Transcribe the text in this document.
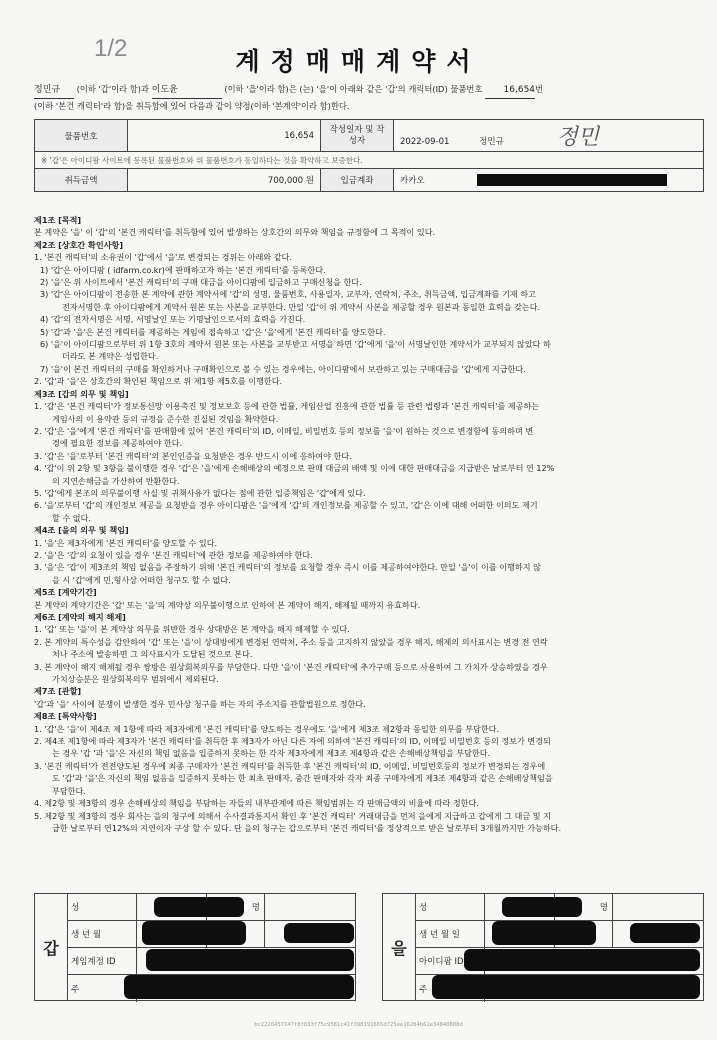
1/2	계정매매계약서
정민규 (이하 '갑'이라 함)과 이도윤	(이하 '을'이라 함)은 (는) '을'이 아래와 같은 '갑'의 캐릭터(ID) 물품번호 16,654번
(이하 '본건 캐릭터'라 함)을 취득함에 있어 다음과 같이 약정(이하 '본계약'이라 함)한다.
물품번호	16,654	작성일자 및 작성자	2022-09-01 정민규 정민
※ '갑'은 아이디팜 사이트에 등록된 물품번호와 위 물품번호가 동일하다는 것을 확약하고 보증한다.			
취득금액	700,000 원	입금계좌	카카오
제1조 [목적]
본 계약은 '을' 이 '갑'의 '본건 캐릭터'를 취득함에 있어 발생하는 상호간의 의무와 책임을 규정함에 그 목적이 있다.
제2조 [상호간 확인사항]
1. '본건 캐릭터'의 소유권이 '갑'에서 '을'로 변경되는 경위는 아래와 같다.
1) '갑'은 아이디팜 ( idfarm.co.kr)에 판매하고자 하는 '본건 캐릭터'를 등록한다.
2) '을'은 위 사이트에서 '본건 캐릭터'의 구매 대금을 아이디팜에 입금하고 구매신청을 한다.
3) '갑'은 아이디팜이 전송한 본 계약에 관한 계약서에 '갑'의 성명, 물품번호, 사용일자, 교부자, 연락처, 주소, 취득금액, 입금계좌를 기재 하고
전자서명한 후 아이디팜에게 계약서 원본 또는 사본을 교부한다. 만일 '갑'이 위 계약서 사본을 제공할 경우 원본과 동일한 효력을 갖는다.
4) '갑'의 전자서명은 서명, 서명날인 또는 기명날인으로서의 효력을 가진다.
5) '갑'과 '을'은 본건 캐릭터를 제공하는 게임에 접속하고 '갑'은 '을'에게 '본건 캐릭터'를 양도한다.
6) '을'이 아이디팜으로부터 위 1항 3호의 계약서 원본 또는 사본을 교부받고 서명을 하면 '갑'에게 '을'이 서명날인한 계약서가 교부되지 않았다 하
더라도 본 계약은 성립한다.
7) '을'이 본건 캐릭터의 구매를 확인하거나 구매확인으로 볼 수 있는 경우에는, 아이디팜에서 보관하고 있는 구매대금을 '갑'에게 지급한다.
2. '갑'과 '을'은 상호간의 확인된 책임으로 위 제1항 제5호를 이행한다.
제3조 [갑의 의무 및 책임]
1. '갑'은 '본건 캐릭터'가 정보통신망 이용촉진 및 정보보호 등에 관한 법률, 게임산업 진흥에 관한 법률 등 관련 법령과 '본건 캐릭터'를 제공하는
게임사의 이 용약관 등의 규정을 준수한 진실된 것임을 확약한다.
2. '갑'은 '을'에게 '본건 캐릭터'를 판매함에 있어 '본건 캐릭터'의 ID, 이메일, 비밀번호 등의 정보를 '을'이 원하는 것으로 변경함에 동의하며 변
경에 필요한 정보를 제공하여야 한다.
3. '갑'은 '을'로부터 '본건 캐릭터'의 본인인증을 요청받은 경우 반드시 이에 응하여야 한다.
4. '갑'이 위 2항 및 3항을 불이행한 경우 '갑'은 '을'에게 손해배상의 예정으로 판매 대금의 배액 및 이에 대한 판매대금을 지급받은 날로부터 연 12%
의 지연손해금을 가산하여 반환한다.
5. '갑'에게 본조의 의무불이행 사실 및 귀책사유가 없다는 점에 관한 입증책임은 '갑'에게 있다.
6. '을'로부터 '갑'의 개인정보 제공을 요청받을 경우 아이디팜은 '을'에게 '갑'의 개인정보를 제공할 수 있고, '갑'은 이에 대해 어떠한 이의도 제기
할 수 없다.
제4조 [을의 의무 및 책임]
1. '을'은 제3자에게 '본건 캐릭터'를 양도할 수 있다.
2. '을'은 '갑'의 요청이 있을 경우 '본건 캐릭터'에 관한 정보를 제공하여야 한다.
3. '을'은 '갑'이 제3조의 책임 없음을 주장하기 위해 '본건 캐릭터'의 정보를 요청할 경우 즉시 이를 제공하여야한다. 만일 '을'이 이를 이행하지 않
을 시 '갑'에게 민,형사상 어떠한 청구도 할 수 없다.
제5조 [계약기간]
본 계약의 계약기간은 '갑' 또는 '을'의 계약상 의무불이행으로 인하여 본 계약이 해지, 해제될 때까지 유효하다.
제6조 [계약의 해지 해제]
1. '갑' 또는 '을'이 본 계약상 의무를 위반한 경우 상대방은 본 계약을 해지 해제할 수 있다.
2. 본 계약의 특수성을 감안하여 '갑' 또는 '을'이 상대방에게 변경된 연락처, 주소 등을 고지하지 않았을 경우 해지, 해제의 의사표시는 변경 전 연락
처나 주소에 발송하면 그 의사표시가 도달된 것으로 본다.
3. 본 계약이 해지 해제될 경우 쌍방은 원상회복의무를 부담한다. 다만 '을'이 '본건 캐릭터'에 추가구매 등으로 사용하여 그 가치가 상승하였을 경우
가치상승분은 원상회복의무 범위에서 제외된다.
제7조 [관할]
'갑'과 '을' 사이에 분쟁이 발생한 경우 민사상 청구를 하는 자의 주소지를 관할법원으로 정한다.
제8조 [특약사항]
1. '갑'은 '을'이 제4조 제 1항에 따라 제3자에게 '본건 캐릭터'를 양도하는 경우에도 '을'에게 제3조 제2항과 동일한 의무를 부담한다.
2. 제4조 제1항에 따라 제3자가 '본건 캐릭터'를 취득한 후 제3자가 아닌 다른 자에 의하여 '본건 캐릭터'의 ID, 이메일 비밀번호 등의 정보가 변경되
는 경우 '갑 '과 '을'은 자신의 책임 없음을 입증하지 못하는 한 각자 제3자에게 제3조 제4항과 같은 손해배상책임을 부담한다.
3. '본건 캐릭터'가 전전양도된 경우에 최종 구매자가 '본건 캐릭터'를 취득한 후 '본건 캐릭터'의 ID, 이메일, 비밀번호등의 정보가 변경되는 경우에
도 '갑'과 '을'은 자신의 책임 없음을 입증하지 못하는 한 최초 판매자, 중간 판매자와 각자 최종 구매자에게 제3조 제4항과 같은 손해배상책임을
부담한다.
4. 제2항 및 제3항의 경우 손해배상의 책임을 부담하는 자들의 내부관계에 따른 책임범위는 각 판매금액의 비율에 따라 정한다.
5. 제2항 및 제3항의 경우 회사는 을의 청구에 의해서 수사결과통지서 확인 후 '본건 캐릭터' 거래대금을 먼저 을에게 지급하고 갑에게 그 대금 및 지
급한 날로부터 연12%의 지연이자 구상 할 수 있다. 단 을의 청구는 갑으로부터 '본건 캐릭터'를 정상적으로 받은 날로부터 3개월까지만 가능하다.
갑
성	명
생 년 월
게임계정 ID
주
을
성	명
생 년 월 일
아이디팜 ID
주
bc2226457147f8f833f75c9581c41f398191665d725ee16284b61e34840808d
